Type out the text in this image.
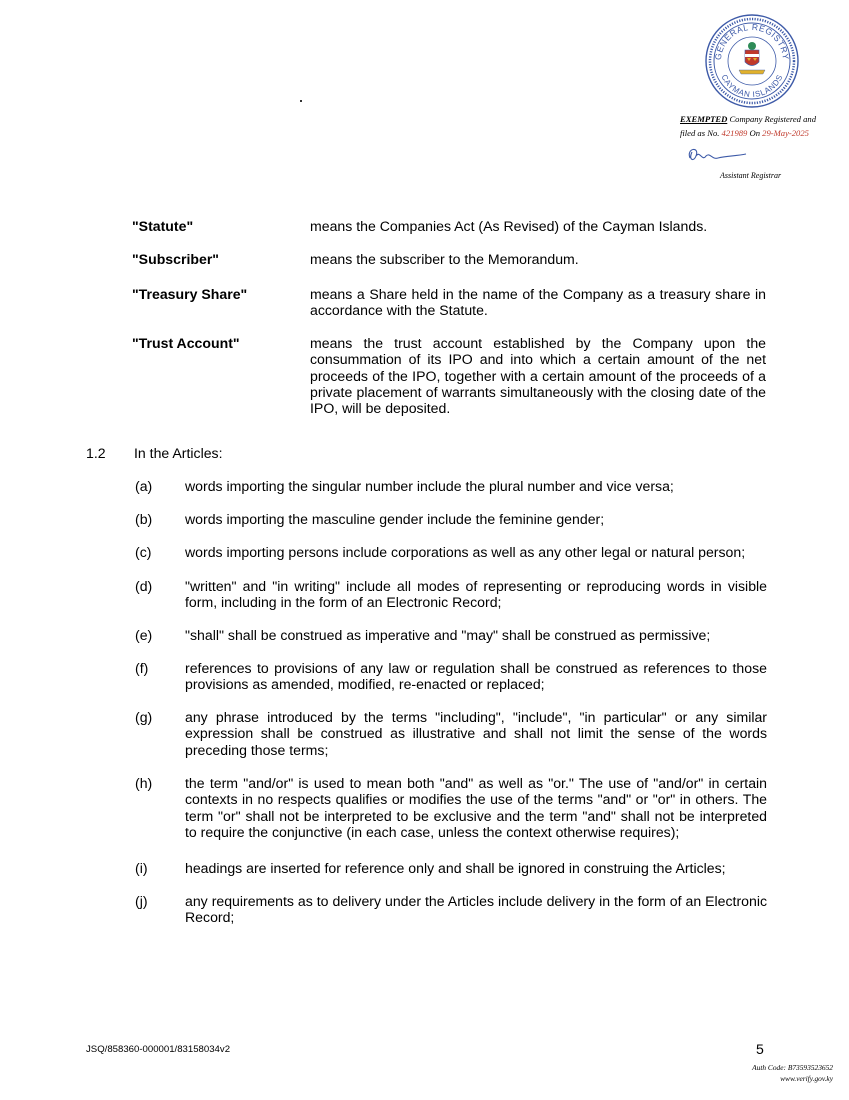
GENERAL REGISTRY
CAYMAN ISLANDS
EXEMPTED Company Registered and
filed as No. 421989 On 29-May-2025
Assistant Registrar
"Statute"	means the Companies Act (As Revised) of the Cayman Islands.
"Subscriber"	means the subscriber to the Memorandum.
"Treasury Share"	means a Share held in the name of the Company as a treasury share in accordance with the Statute.
"Trust Account"	means the trust account established by the Company upon the consummation of its IPO and into which a certain amount of the net proceeds of the IPO, together with a certain amount of the proceeds of a private placement of warrants simultaneously with the closing date of the IPO, will be deposited.
1.2 In the Articles:
(a) words importing the singular number include the plural number and vice versa;
(b) words importing the masculine gender include the feminine gender;
(c) words importing persons include corporations as well as any other legal or natural person;
(d) "written" and "in writing" include all modes of representing or reproducing words in visible form, including in the form of an Electronic Record;
(e) "shall" shall be construed as imperative and "may" shall be construed as permissive;
(f)	references to provisions of any law or regulation shall be construed as references to those provisions as amended, modified, re-enacted or replaced;
(g) any phrase introduced by the terms "including", "include", "in particular" or any similar expression shall be construed as illustrative and shall not limit the sense of the words preceding those terms;
(h) the term "and/or" is used to mean both "and" as well as "or." The use of "and/or" in certain contexts in no respects qualifies or modifies the use of the terms "and" or "or" in others. The term "or" shall not be interpreted to be exclusive and the term "and" shall not be interpreted to require the conjunctive (in each case, unless the context otherwise requires);
(i)	headings are inserted for reference only and shall be ignored in construing the Articles;
(j)	any requirements as to delivery under the Articles include delivery in the form of an Electronic Record;
JSQ/858360-000001/83158034v2	5
Auth Code: B73593523652
www.verify.gov.ky
